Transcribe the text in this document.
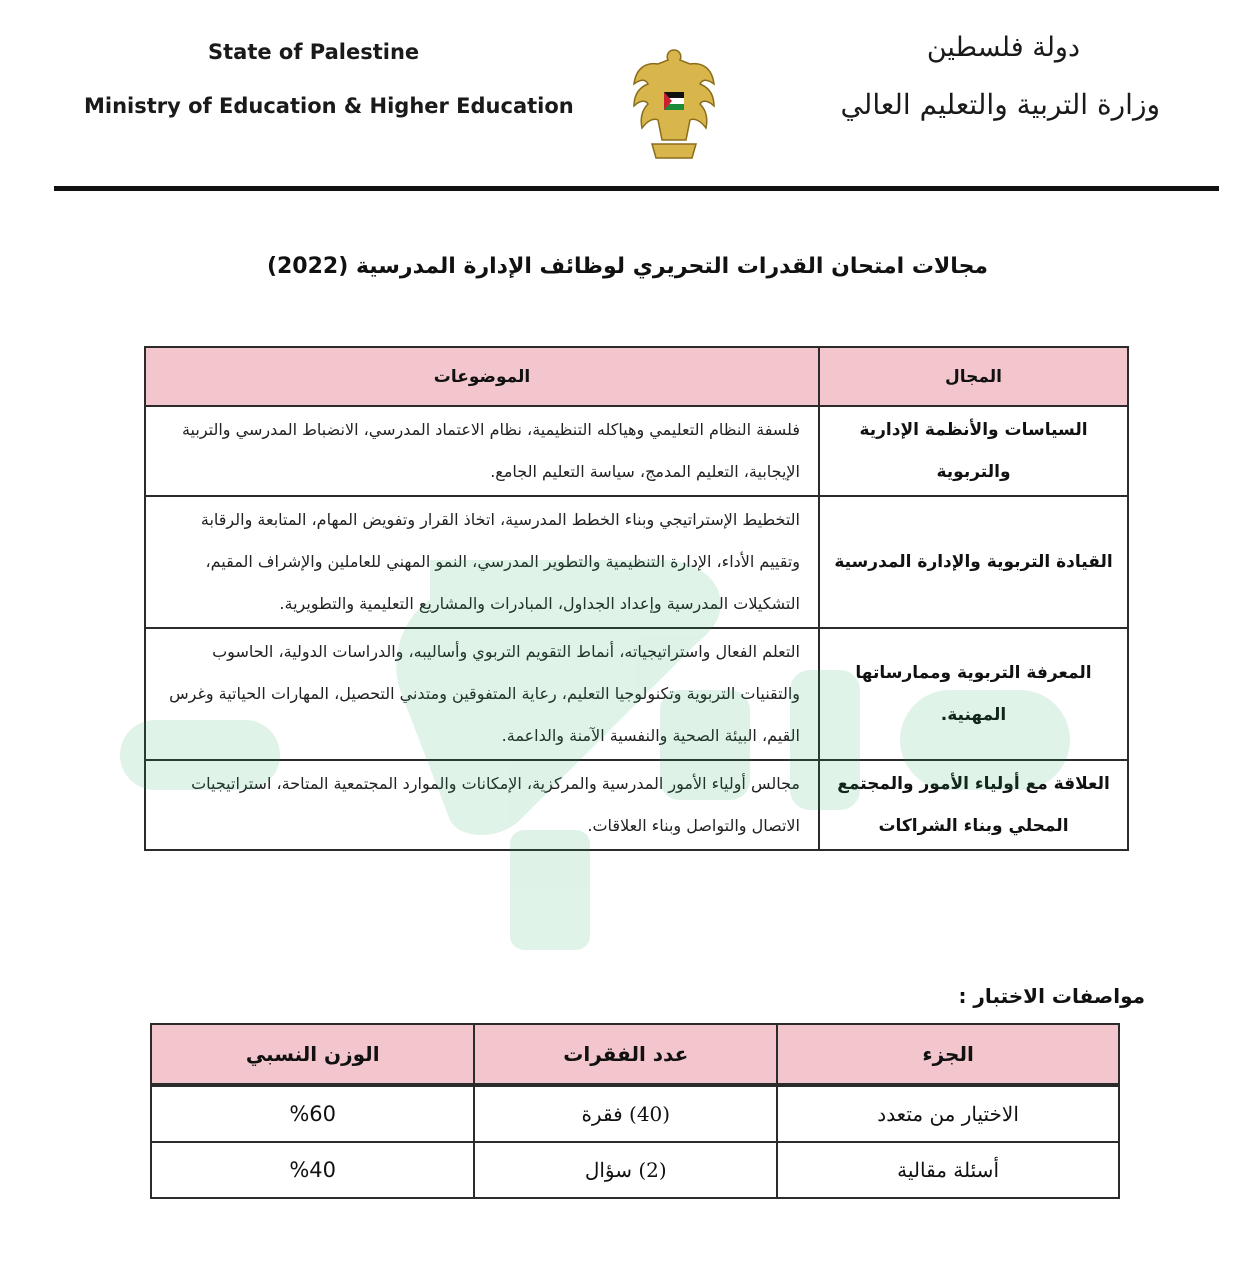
State of Palestine
Ministry of Education & Higher Education
دولة فلسطين
وزارة التربية والتعليم العالي
مجالات امتحان القدرات التحريري لوظائف الإدارة المدرسية (2022)
المجال	الموضوعات
السياسات والأنظمة الإدارية والتربوية	فلسفة النظام التعليمي وهياكله التنظيمية، نظام الاعتماد المدرسي، الانضباط المدرسي والتربية الإيجابية، التعليم المدمج، سياسة التعليم الجامع.
القيادة التربوية والإدارة المدرسية	التخطيط الإستراتيجي وبناء الخطط المدرسية، اتخاذ القرار وتفويض المهام، المتابعة والرقابة وتقييم الأداء، الإدارة التنظيمية والتطوير المدرسي، النمو المهني للعاملين والإشراف المقيم، التشكيلات المدرسية وإعداد الجداول، المبادرات والمشاريع التعليمية والتطويرية.
المعرفة التربوية وممارساتها المهنية.	التعلم الفعال واستراتيجياته، أنماط التقويم التربوي وأساليبه، والدراسات الدولية، الحاسوب والتقنيات التربوية وتكنولوجيا التعليم، رعاية المتفوقين ومتدني التحصيل، المهارات الحياتية وغرس القيم، البيئة الصحية والنفسية الآمنة والداعمة.
العلاقة مع أولياء الأمور والمجتمع المحلي وبناء الشراكات	مجالس أولياء الأمور المدرسية والمركزية، الإمكانات والموارد المجتمعية المتاحة، استراتيجيات الاتصال والتواصل وبناء العلاقات.
مواصفات الاختبار :
الجزء	عدد الفقرات	الوزن النسبي
الاختيار من متعدد	(40) فقرة	%60
أسئلة مقالية	(2) سؤال	%40
